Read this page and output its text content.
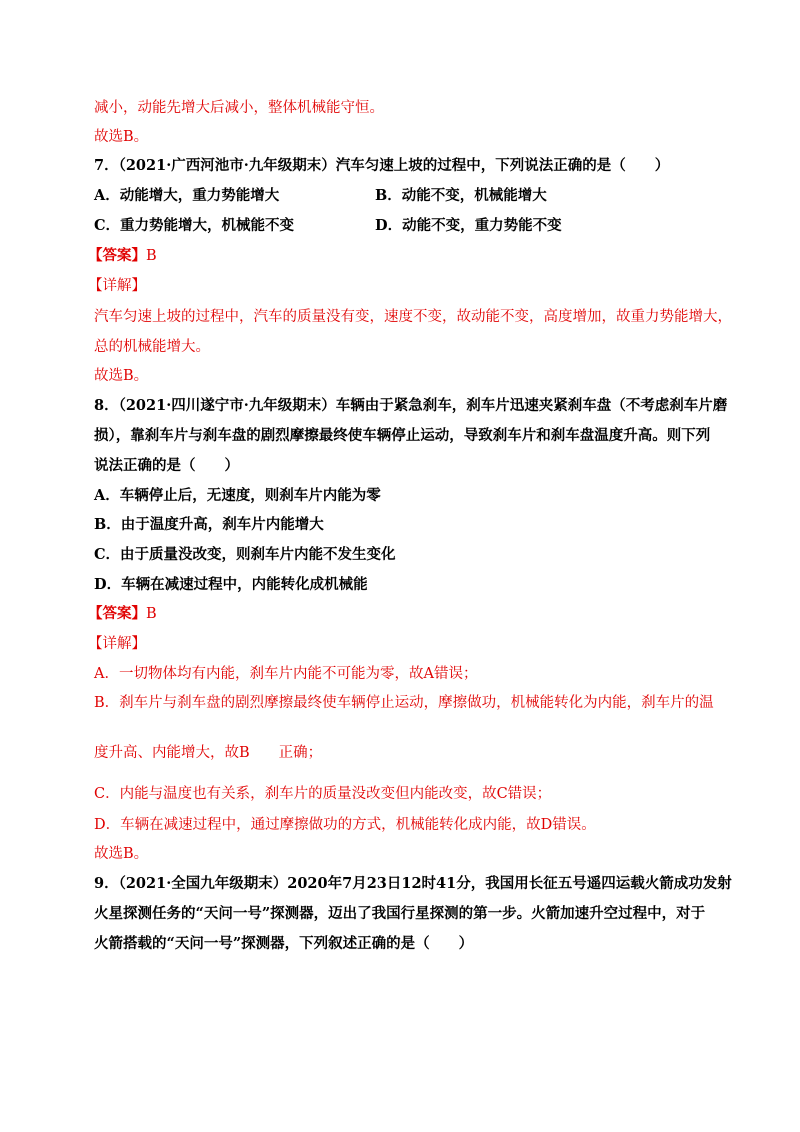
减小，动能先增大后减小，整体机械能守恒。
故选B。
7．（2021·广西河池市·九年级期末）汽车匀速上坡的过程中，下列说法正确的是（　　）
A．动能增大，重力势能增大	B．动能不变，机械能增大
C．重力势能增大，机械能不变	D．动能不变，重力势能不变
【答案】B
【详解】
汽车匀速上坡的过程中，汽车的质量没有变，速度不变，故动能不变，高度增加，故重力势能增大，
总的机械能增大。
故选B。
8．（2021·四川遂宁市·九年级期末）车辆由于紧急刹车，刹车片迅速夹紧刹车盘（不考虑刹车片磨
损），靠刹车片与刹车盘的剧烈摩擦最终使车辆停止运动，导致刹车片和刹车盘温度升高。则下列
说法正确的是（　　）
A．车辆停止后，无速度，则刹车片内能为零
B．由于温度升高，刹车片内能增大
C．由于质量没改变，则刹车片内能不发生变化
D．车辆在减速过程中，内能转化成机械能
【答案】B
【详解】
A．一切物体均有内能，刹车片内能不可能为零，故A错误；
B．刹车片与刹车盘的剧烈摩擦最终使车辆停止运动，摩擦做功，机械能转化为内能，刹车片的温
度升高、内能增大，故B　　正确；
C．内能与温度也有关系，刹车片的质量没改变但内能改变，故C错误；
D．车辆在减速过程中，通过摩擦做功的方式，机械能转化成内能，故D错误。
故选B。
9．（2021·全国九年级期末）2020年7月23日12时41分，我国用长征五号遥四运载火箭成功发射
火星探测任务的“天问一号”探测器，迈出了我国行星探测的第一步。火箭加速升空过程中，对于
火箭搭载的“天问一号”探测器，下列叙述正确的是（　　）
